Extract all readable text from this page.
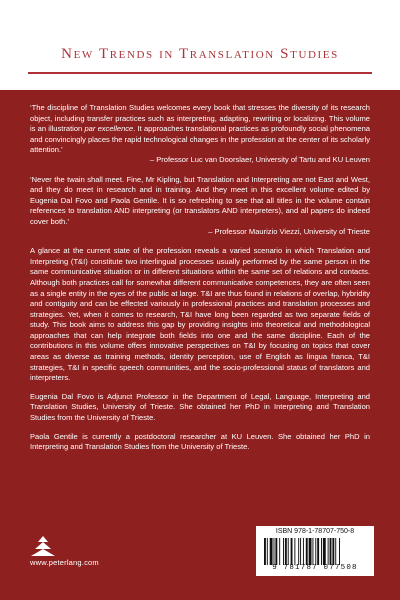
New Trends in Translation Studies

‘The discipline of Translation Studies welcomes every book that stresses the diversity of its research object, including transfer practices such as interpreting, adapting, rewriting or localizing. This volume is an illustration par excellence. It approaches translational practices as profoundly social phenomena and convincingly places the rapid technological changes in the profession at the center of its scholarly attention.’

– Professor Luc van Doorslaer, University of Tartu and KU Leuven

‘Never the twain shall meet. Fine, Mr Kipling, but Translation and Interpreting are not East and West, and they do meet in research and in training. And they meet in this excellent volume edited by Eugenia Dal Fovo and Paola Gentile. It is so refreshing to see that all titles in the volume contain references to translation AND interpreting (or translators AND interpreters), and all papers do indeed cover both.’

– Professor Maurizio Viezzi, University of Trieste

A glance at the current state of the profession reveals a varied scenario in which Translation and Interpreting (T&I) constitute two interlingual processes usually performed by the same person in the same communicative situation or in different situations within the same set of relations and contacts. Although both practices call for somewhat different communicative competences, they are often seen as a single entity in the eyes of the public at large. T&I are thus found in relations of overlap, hybridity and contiguity and can be effected variously in professional practices and translation processes and strategies. Yet, when it comes to research, T&I have long been regarded as two separate fields of study. This book aims to address this gap by providing insights into theoretical and methodological approaches that can help integrate both fields into one and the same discipline. Each of the contributions in this volume offers innovative perspectives on T&I by focusing on topics that cover areas as diverse as training methods, identity perception, use of English as lingua franca, T&I strategies, T&I in specific speech communities, and the socio-professional status of translators and interpreters.

Eugenia Dal Fovo is Adjunct Professor in the Department of Legal, Language, Interpreting and Translation Studies, University of Trieste. She obtained her PhD in Interpreting and Translation Studies from the University of Trieste.

Paola Gentile is currently a postdoctoral researcher at KU Leuven. She obtained her PhD in Interpreting and Translation Studies from the University of Trieste.

www.peterlang.com
ISBN 978-1-78707-750-8
9 781787 077508
